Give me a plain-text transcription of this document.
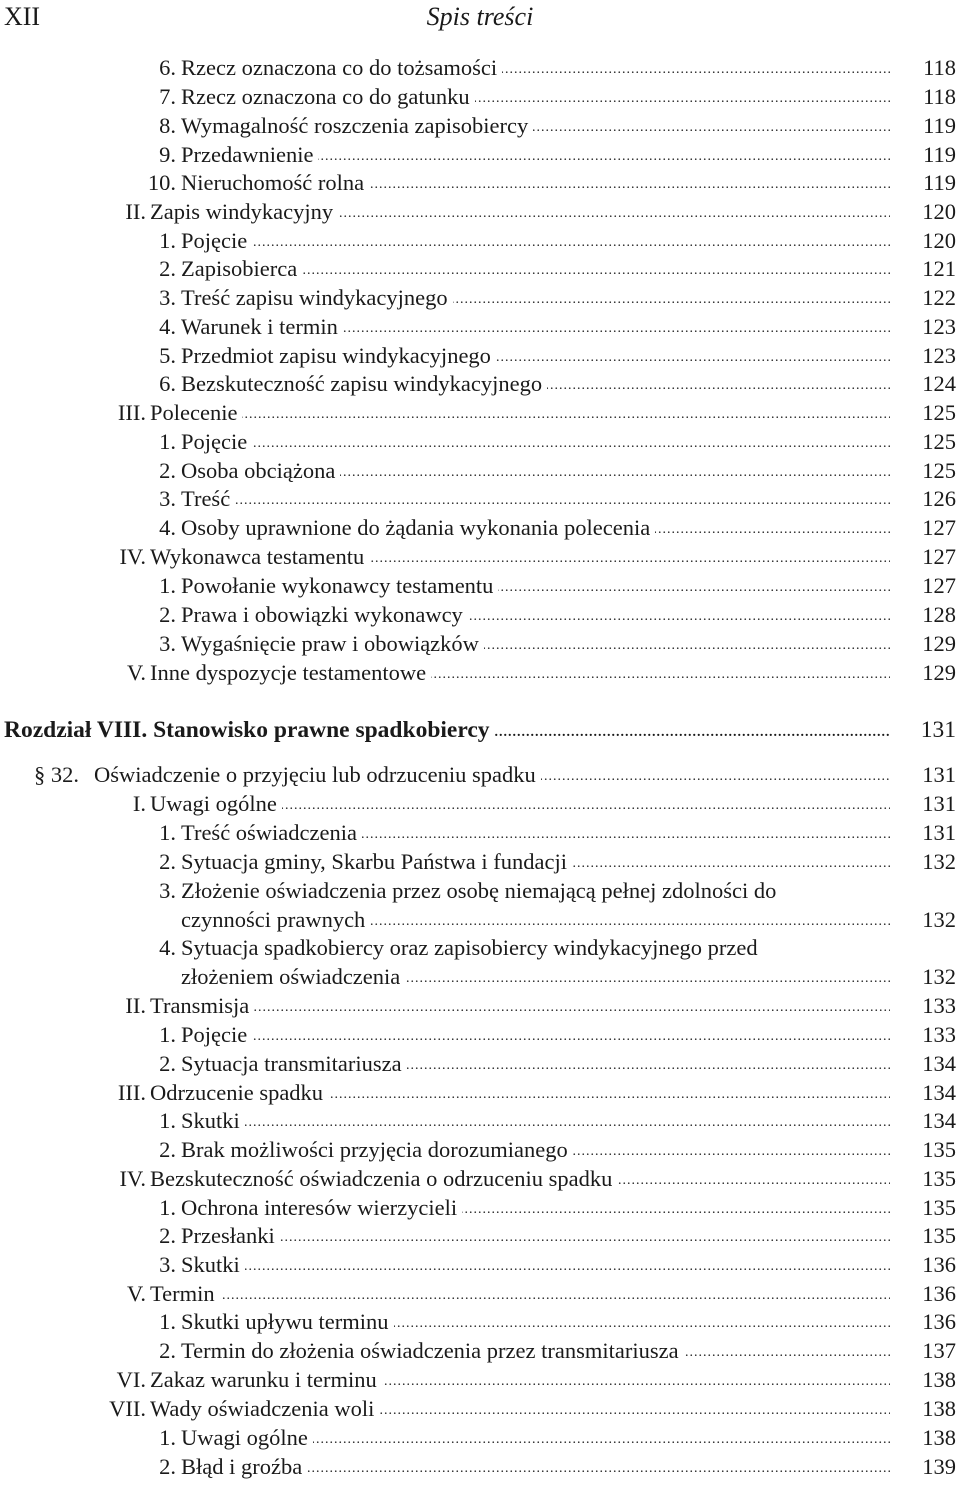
XII	Spis treści
6. Rzecz oznaczona co do tożsamości .....	118
7. Rzecz oznaczona co do gatunku .....	118
8. Wymagalność roszczenia zapisobiercy .....	119
9. Przedawnienie .....	119
10. Nieruchomość rolna .....	119
II. Zapis windykacyjny .....	120
1. Pojęcie .....	120
2. Zapisobierca .....	121
3. Treść zapisu windykacyjnego .....	122
4. Warunek i termin .....	123
5. Przedmiot zapisu windykacyjnego .....	123
6. Bezskuteczność zapisu windykacyjnego .....	124
III. Polecenie .....	125
1. Pojęcie .....	125
2. Osoba obciążona .....	125
3. Treść .....	126
4. Osoby uprawnione do żądania wykonania polecenia .....	127
IV. Wykonawca testamentu .....	127
1. Powołanie wykonawcy testamentu .....	127
2. Prawa i obowiązki wykonawcy .....	128
3. Wygaśnięcie praw i obowiązków .....	129
V. Inne dyspozycje testamentowe .....	129
Rozdział VIII. Stanowisko prawne spadkobiercy .....	131
§ 32. Oświadczenie o przyjęciu lub odrzuceniu spadku .....	131
I. Uwagi ogólne .....	131
1. Treść oświadczenia .....	131
2. Sytuacja gminy, Skarbu Państwa i fundacji .....	132
3. Złożenie oświadczenia przez osobę niemającą pełnej zdolności do
czynności prawnych .....	132
4. Sytuacja spadkobiercy oraz zapisobiercy windykacyjnego przed
złożeniem oświadczenia .....	132
II. Transmisja .....	133
1. Pojęcie .....	133
2. Sytuacja transmitariusza .....	134
III. Odrzucenie spadku .....	134
1. Skutki .....	134
2. Brak możliwości przyjęcia dorozumianego .....	135
IV. Bezskuteczność oświadczenia o odrzuceniu spadku .....	135
1. Ochrona interesów wierzycieli .....	135
2. Przesłanki .....	135
3. Skutki .....	136
V. Termin .....	136
1. Skutki upływu terminu .....	136
2. Termin do złożenia oświadczenia przez transmitariusza .....	137
VI. Zakaz warunku i terminu .....	138
VII. Wady oświadczenia woli .....	138
1. Uwagi ogólne .....	138
2. Błąd i groźba .....	139
